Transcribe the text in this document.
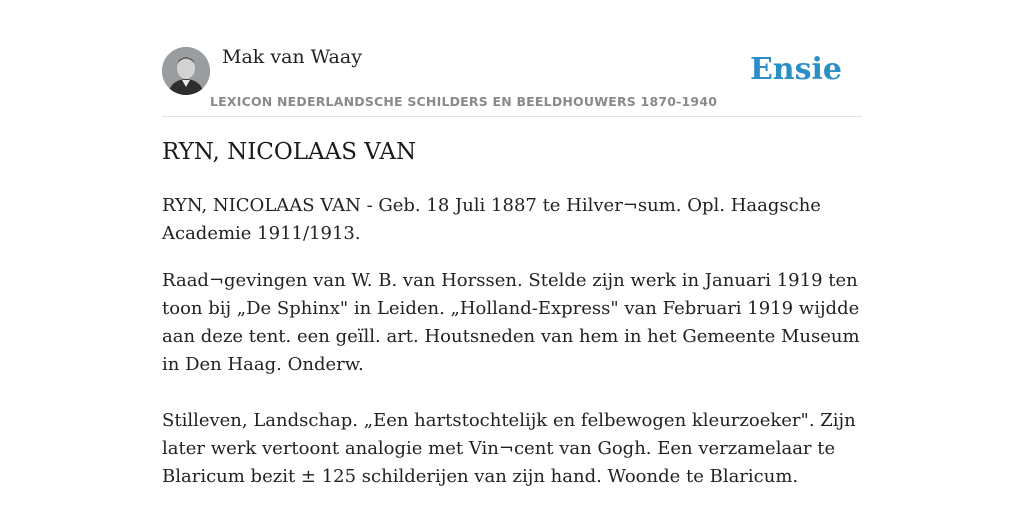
Mak van Waay
LEXICON NEDERLANDSCHE SCHILDERS EN BEELDHOUWERS 1870-1940
Ensie
RYN, NICOLAAS VAN

RYN, NICOLAAS VAN - Geb. 18 Juli 1887 te Hilver¬sum. Opl. Haagsche Academie 1911/1913.

Raad¬gevingen van W. B. van Horssen. Stelde zijn werk in Januari 1919 ten toon bij „De Sphinx" in Leiden. „Holland-Express" van Februari 1919 wijdde aan deze tent. een geïll. art. Houtsneden van hem in het Gemeente Museum in Den Haag. Onderw.

Stilleven, Landschap. „Een hartstochtelijk en felbewogen kleurzoeker". Zijn later werk vertoont analogie met Vin¬cent van Gogh. Een verzamelaar te Blaricum bezit ± 125 schilderijen van zijn hand. Woonde te Blaricum.
